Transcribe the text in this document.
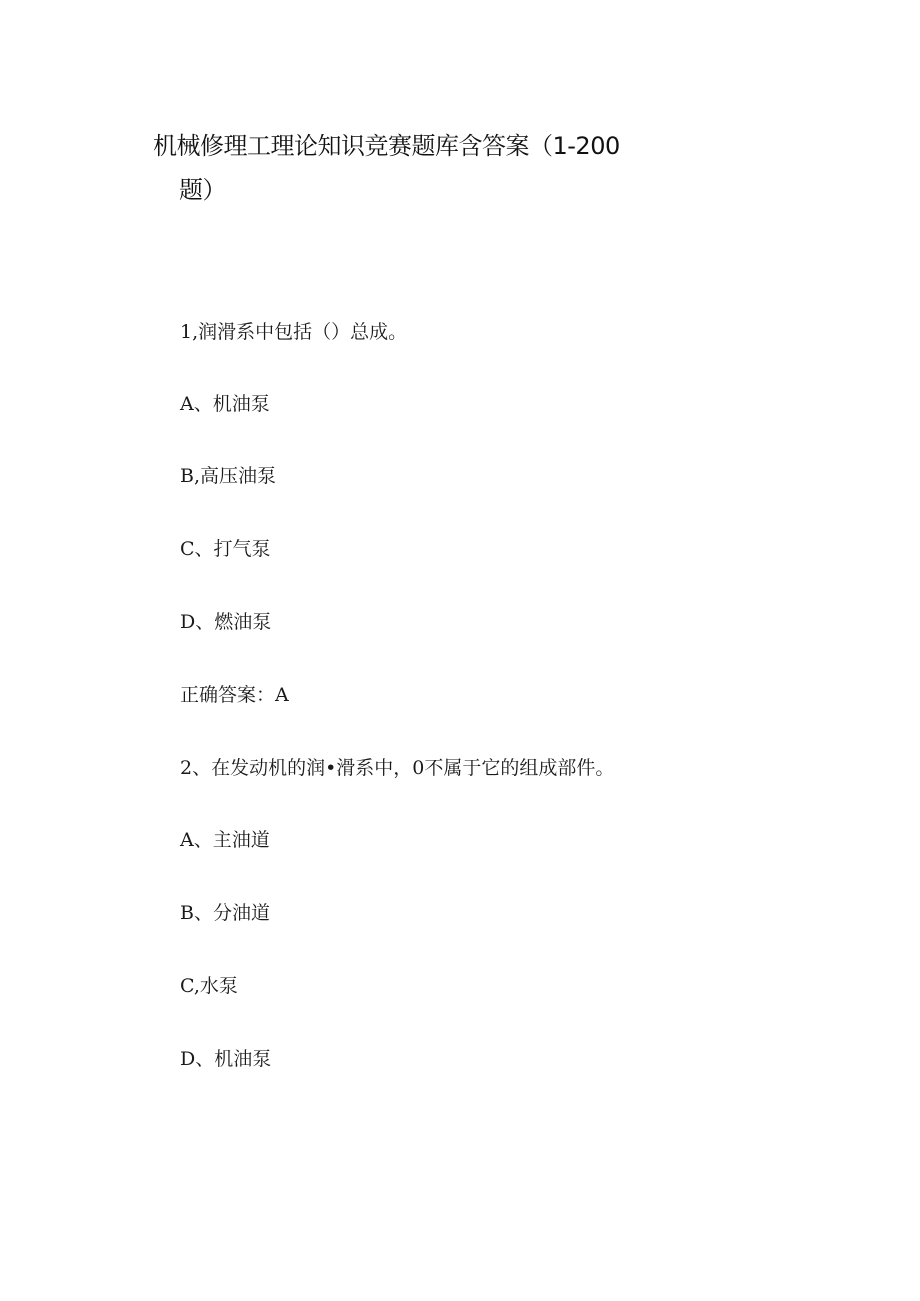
机械修理工理论知识竞赛题库含答案（1-200
题）
1,润滑系中包括（）总成。
A、机油泵
B,高压油泵
C、打气泵
D、燃油泵
正确答案：A
2、在发动机的润•滑系中，0不属于它的组成部件。
A、主油道
B、分油道
C,水泵
D、机油泵
